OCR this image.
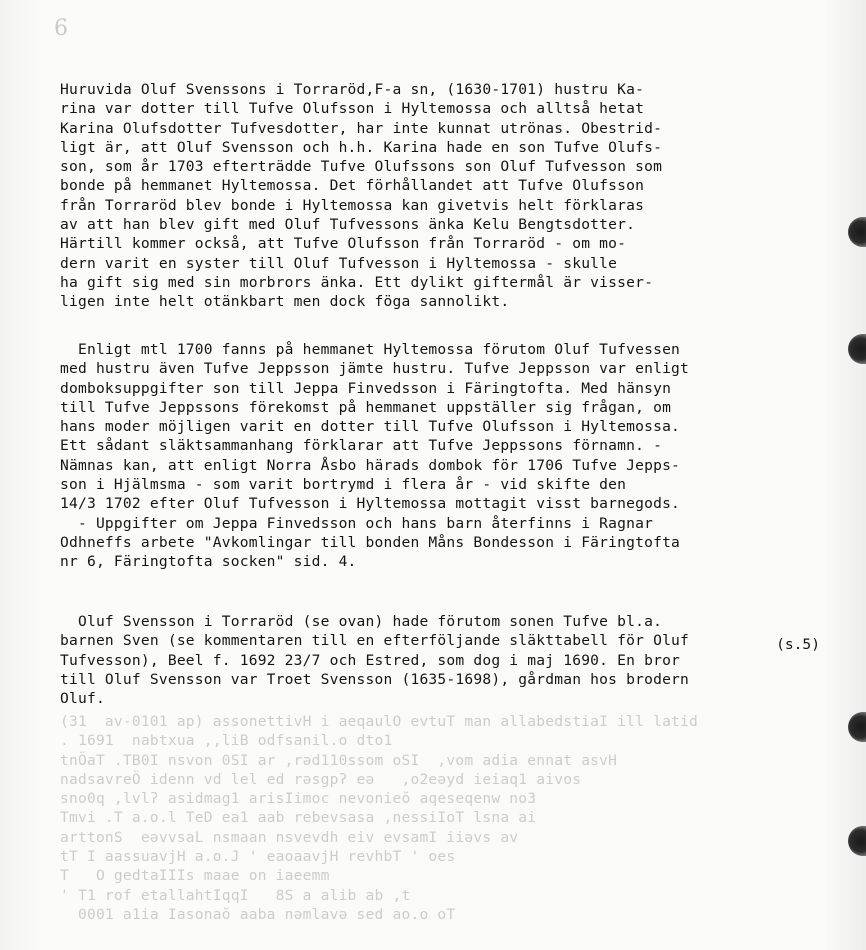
6
Huruvida Oluf Svenssons i Torraröd,F-a sn, (1630-1701) hustru Ka-
rina var dotter till Tufve Olufsson i Hyltemossa och alltså hetat
Karina Olufsdotter Tufvesdotter, har inte kunnat utrönas. Obestrid-
ligt är, att Oluf Svensson och h.h. Karina hade en son Tufve Olufs-
son, som år 1703 efterträdde Tufve Olufssons son Oluf Tufvesson som
bonde på hemmanet Hyltemossa. Det förhållandet att Tufve Olufsson
från Torraröd blev bonde i Hyltemossa kan givetvis helt förklaras
av att han blev gift med Oluf Tufvessons änka Kelu Bengtsdotter.
Härtill kommer också, att Tufve Olufsson från Torraröd - om mo-
dern varit en syster till Oluf Tufvesson i Hyltemossa - skulle
ha gift sig med sin morbrors änka. Ett dylikt giftermål är visser-
ligen inte helt otänkbart men dock föga sannolikt.
Enligt mtl 1700 fanns på hemmanet Hyltemossa förutom Oluf Tufvessen
med hustru även Tufve Jeppsson jämte hustru. Tufve Jeppsson var enligt
domboksuppgifter son till Jeppa Finvedsson i Färingtofta. Med hänsyn
till Tufve Jeppssons förekomst på hemmanet uppställer sig frågan, om
hans moder möjligen varit en dotter till Tufve Olufsson i Hyltemossa.
Ett sådant släktsammanhang förklarar att Tufve Jeppssons förnamn. -
Nämnas kan, att enligt Norra Åsbo härads dombok för 1706 Tufve Jepps-
son i Hjälmsma - som varit bortrymd i flera år - vid skifte den
14/3 1702 efter Oluf Tufvesson i Hyltemossa mottagit visst barnegods.
- Uppgifter om Jeppa Finvedsson och hans barn återfinns i Ragnar
Odhneffs arbete "Avkomlingar till bonden Måns Bondesson i Färingtofta
nr 6, Färingtofta socken" sid. 4.
Oluf Svensson i Torraröd (se ovan) hade förutom sonen Tufve bl.a.
barnen Sven (se kommentaren till en efterföljande släkttabell för Oluf
Tufvesson), Beel f. 1692 23/7 och Estred, som dog i maj 1690. En bror
till Oluf Svensson var Troet Svensson (1635-1698), gårdman hos brodern
Oluf.
(s.5)
(31  av-0101 ap) assonettivH i aeqaulO evtuT man allabedstiaI ill latid
. 1691  nabtxua ,,liB odfsanil.o dto1
tnÖaT .TB0I nsvon 0SI ar ,rəd110ssom oSI  ,vom adia ennat asvH
nadsavreÖ idenn vd lel ed rəsgpʔ eə   ,o2eəyd ieiaq1 aivos
sno0q ,lvlʔ asidmag1 arisIimoc nevonieŏ aqeseqenw no3
Tmvi .T a.o.l TeD ea1 aab rebevsasa ,nessiIoT lsna ai
arttonS  eəvvsaL nsmaan nsvevdh eiv evsamI iiəvs av
tT I aassuavjH a.o.J ' eaoaavjH revhbT ' oes
T   O gedtaIIIs maae on iaeemm
' T1 rof etallahtIqqI   8S a alib ab ,t
0001 a1ia Iasonaŏ aaba nəmlavə sed ao.o oT
